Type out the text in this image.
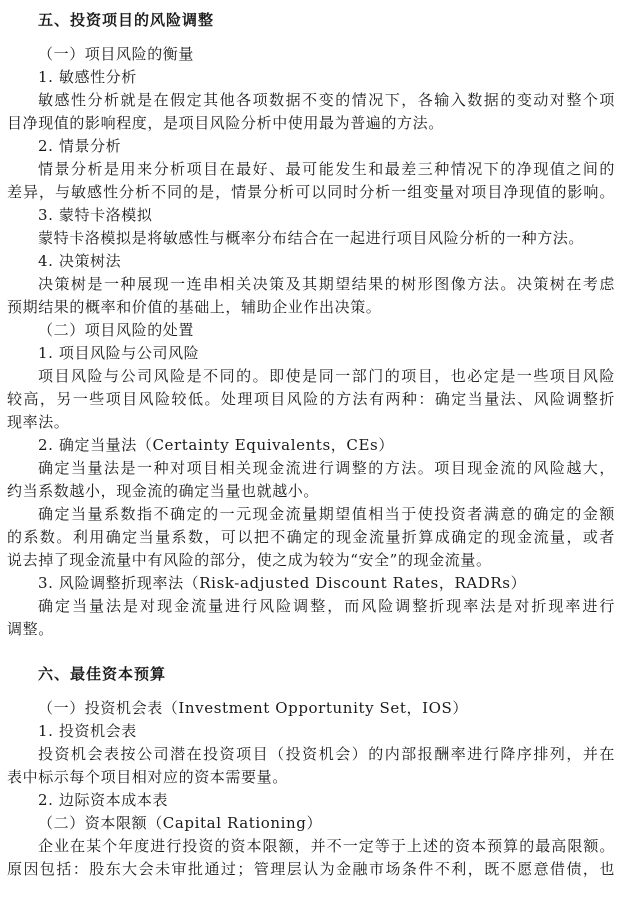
五、投资项目的风险调整
（一）项目风险的衡量
1. 敏感性分析
敏感性分析就是在假定其他各项数据不变的情况下，各输入数据的变动对整个项
目净现值的影响程度，是项目风险分析中使用最为普遍的方法。
2. 情景分析
情景分析是用来分析项目在最好、最可能发生和最差三种情况下的净现值之间的
差异，与敏感性分析不同的是，情景分析可以同时分析一组变量对项目净现值的影响。
3. 蒙特卡洛模拟
蒙特卡洛模拟是将敏感性与概率分布结合在一起进行项目风险分析的一种方法。
4. 决策树法
决策树是一种展现一连串相关决策及其期望结果的树形图像方法。决策树在考虑
预期结果的概率和价值的基础上，辅助企业作出决策。
（二）项目风险的处置
1. 项目风险与公司风险
项目风险与公司风险是不同的。即使是同一部门的项目，也必定是一些项目风险
较高，另一些项目风险较低。处理项目风险的方法有两种：确定当量法、风险调整折
现率法。
2. 确定当量法（Certainty Equivalents，CEs）
确定当量法是一种对项目相关现金流进行调整的方法。项目现金流的风险越大，
约当系数越小，现金流的确定当量也就越小。
确定当量系数指不确定的一元现金流量期望值相当于使投资者满意的确定的金额
的系数。利用确定当量系数，可以把不确定的现金流量折算成确定的现金流量，或者
说去掉了现金流量中有风险的部分，使之成为较为“安全”的现金流量。
3. 风险调整折现率法（Risk-adjusted Discount Rates，RADRs）
确定当量法是对现金流量进行风险调整，而风险调整折现率法是对折现率进行
调整。
六、最佳资本预算
（一）投资机会表（Investment Opportunity Set，IOS）
1. 投资机会表
投资机会表按公司潜在投资项目（投资机会）的内部报酬率进行降序排列，并在
表中标示每个项目相对应的资本需要量。
2. 边际资本成本表
（二）资本限额（Capital Rationing）
企业在某个年度进行投资的资本限额，并不一定等于上述的资本预算的最高限额。
原因包括：股东大会未审批通过；管理层认为金融市场条件不利，既不愿意借债，也
